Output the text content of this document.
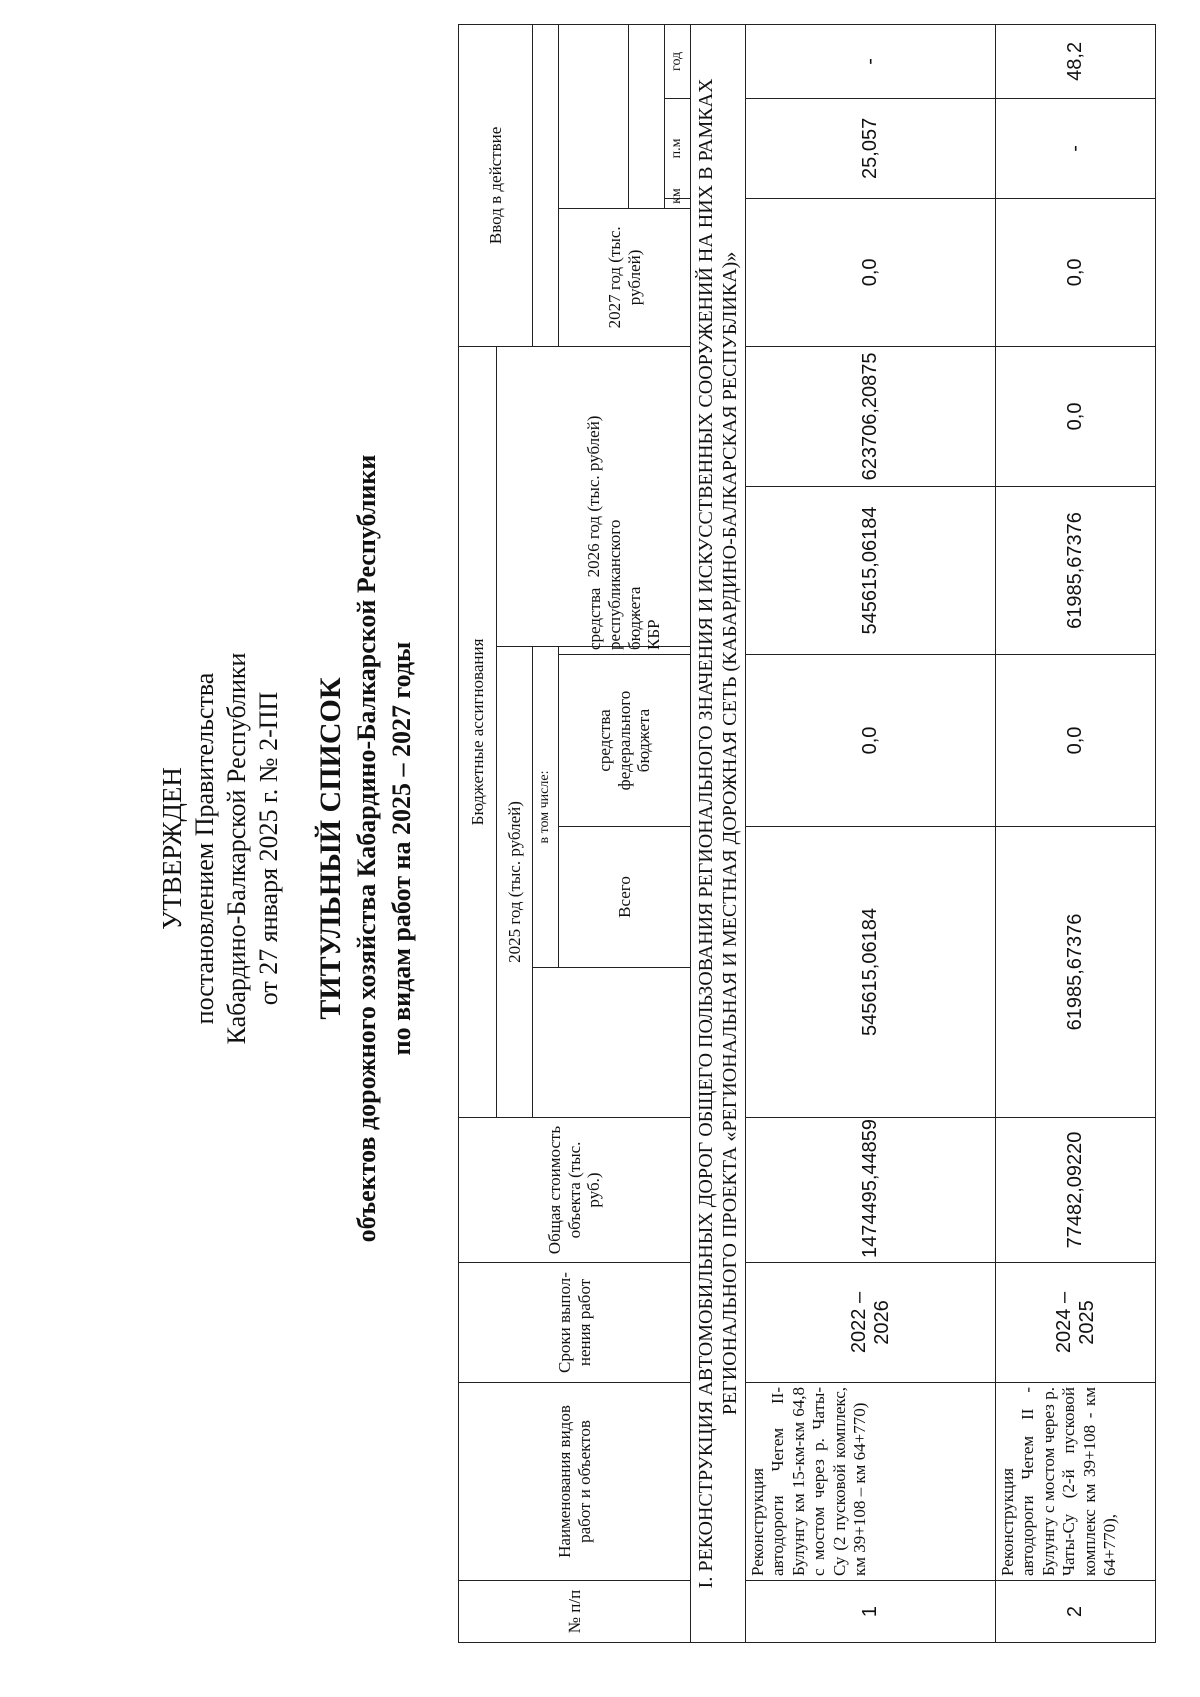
УТВЕРЖДЕН постановлением Правительства Кабардино-Балкарской Республики от 27 января 2025 г. № 2-ПП ТИТУЛЬНЫЙ СПИСОК объектов дорожного хозяйства Кабардино-Балкарской Республики по видам работ на 2025 – 2027 годы
№ п/п	Наименования видов работ и объектов	Сроки выпол-нения работ	Общая стоимость объекта (тыс. руб.)	Бюджетные ассигнования						Ввод в действие				
				2025 год (тыс. рублей)				2026 год (тыс. рублей)						
					в том числе:									
					Всего	средства федерального бюджета	средства республиканского бюджета КБР			2027 год (тыс. рублей)				

											км	п.м	год	
I. РЕКОНСТРУКЦИЯ АВТОМОБИЛЬНЫХ ДОРОГ ОБЩЕГО ПОЛЬЗОВАНИЯ РЕГИОНАЛЬНОГО ЗНАЧЕНИЯ И ИСКУССТВЕННЫХ СООРУЖЕНИЙ НА НИХ В РАМКАХ РЕГИОНАЛЬНОГО ПРОЕКТА «РЕГИОНАЛЬНАЯ И МЕСТНАЯ ДОРОЖНАЯ СЕТЬ (КАБАРДИНО-БАЛКАРСКАЯ РЕСПУБЛИКА)»														
1	Реконструкция автодороги Чегем II-Булунгу км 15-км-км 64,8 с мостом через р. Чаты-Су (2 пусковой комплекс, км 39+108 – км 64+770)	2022 – 2026	1474495,44859	545615,06184		0,0	545615,06184		623706,20875	0,0		25,057	-	
2	Реконструкция автодороги Чегем II - Булунгу с мостом через р. Чаты-Су (2-й пусковой комплекс км 39+108 - км 64+770),	2024 – 2025	77482,09220	61985,67376		0,0	61985,67376		0,0	0,0		-	48,2	
